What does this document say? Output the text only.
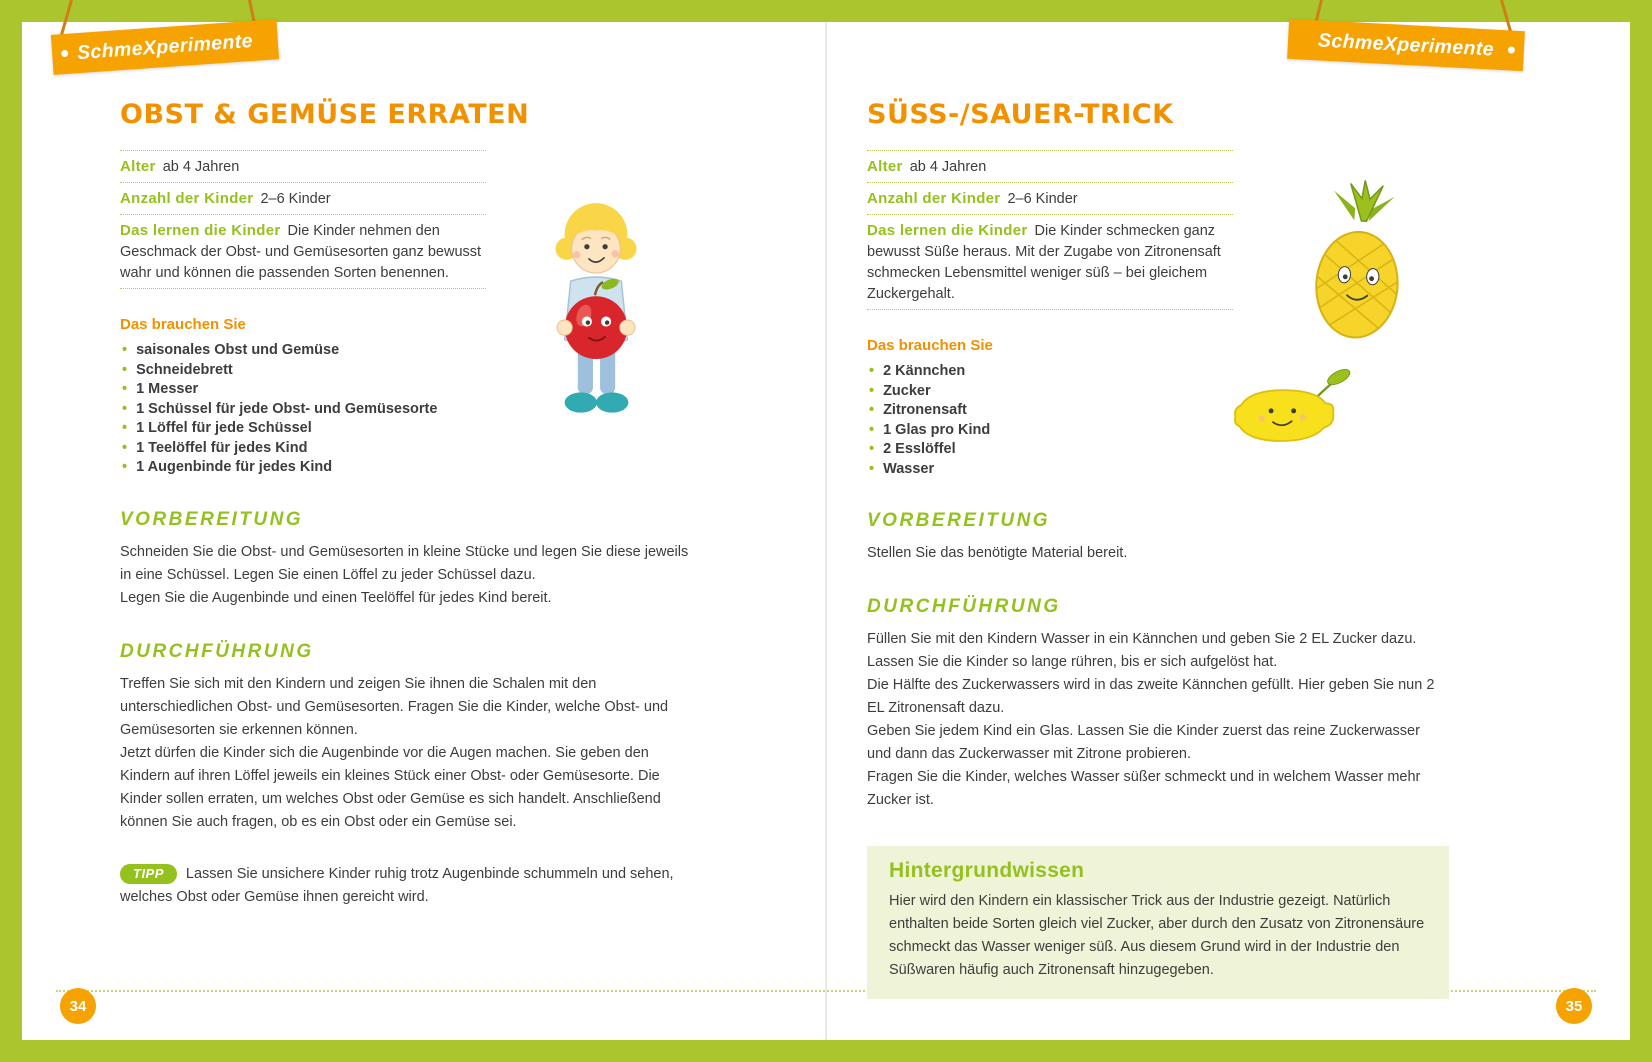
SchmeXperimente	SchmeXperimente
OBST & GEMÜSE ERRATEN
Alter ab 4 Jahren
Anzahl der Kinder 2–6 Kinder
Das lernen die Kinder Die Kinder nehmen den Geschmack der Obst- und Gemüsesorten ganz bewusst wahr und können die passenden Sorten benennen.
Das brauchen Sie
• saisonales Obst und Gemüse
• Schneidebrett
• 1 Messer
• 1 Schüssel für jede Obst- und Gemüsesorte
• 1 Löffel für jede Schüssel
• 1 Teelöffel für jedes Kind
• 1 Augenbinde für jedes Kind
VORBEREITUNG

Schneiden Sie die Obst- und Gemüsesorten in kleine Stücke und legen Sie diese jeweils in eine Schüssel. Legen Sie einen Löffel zu jeder Schüssel dazu.

Legen Sie die Augenbinde und einen Teelöffel für jedes Kind bereit.

DURCHFÜHRUNG

Treffen Sie sich mit den Kindern und zeigen Sie ihnen die Schalen mit den unterschiedlichen Obst- und Gemüsesorten. Fragen Sie die Kinder, welche Obst- und Gemüsesorten sie erkennen können.

Jetzt dürfen die Kinder sich die Augenbinde vor die Augen machen. Sie geben den Kindern auf ihren Löffel jeweils ein kleines Stück einer Obst- oder Gemüsesorte. Die Kinder sollen erraten, um welches Obst oder Gemüse es sich handelt. Anschließend können Sie auch fragen, ob es ein Obst oder ein Gemüse sei.

TIPP Lassen Sie unsichere Kinder ruhig trotz Augenbinde schummeln und sehen, welches Obst oder Gemüse ihnen gereicht wird.

34
SÜSS-/SAUER-TRICK
Alter ab 4 Jahren
Anzahl der Kinder 2–6 Kinder
Das lernen die Kinder Die Kinder schmecken ganz bewusst Süße heraus. Mit der Zugabe von Zitronensaft schmecken Lebensmittel weniger süß – bei gleichem Zuckergehalt.
Das brauchen Sie
• 2 Kännchen
• Zucker
• Zitronensaft
• 1 Glas pro Kind
• 2 Esslöffel
• Wasser
VORBEREITUNG

Stellen Sie das benötigte Material bereit.

DURCHFÜHRUNG

Füllen Sie mit den Kindern Wasser in ein Kännchen und geben Sie 2 EL Zucker dazu. Lassen Sie die Kinder so lange rühren, bis er sich aufgelöst hat.

Die Hälfte des Zuckerwassers wird in das zweite Kännchen gefüllt. Hier geben Sie nun 2 EL Zitronensaft dazu.

Geben Sie jedem Kind ein Glas. Lassen Sie die Kinder zuerst das reine Zuckerwasser und dann das Zuckerwasser mit Zitrone probieren.

Fragen Sie die Kinder, welches Wasser süßer schmeckt und in welchem Wasser mehr Zucker ist.

Hintergrundwissen

Hier wird den Kindern ein klassischer Trick aus der Industrie gezeigt. Natürlich enthalten beide Sorten gleich viel Zucker, aber durch den Zusatz von Zitronensäure schmeckt das Wasser weniger süß. Aus diesem Grund wird in der Industrie den Süßwaren häufig auch Zitronensaft hinzugegeben.

35
